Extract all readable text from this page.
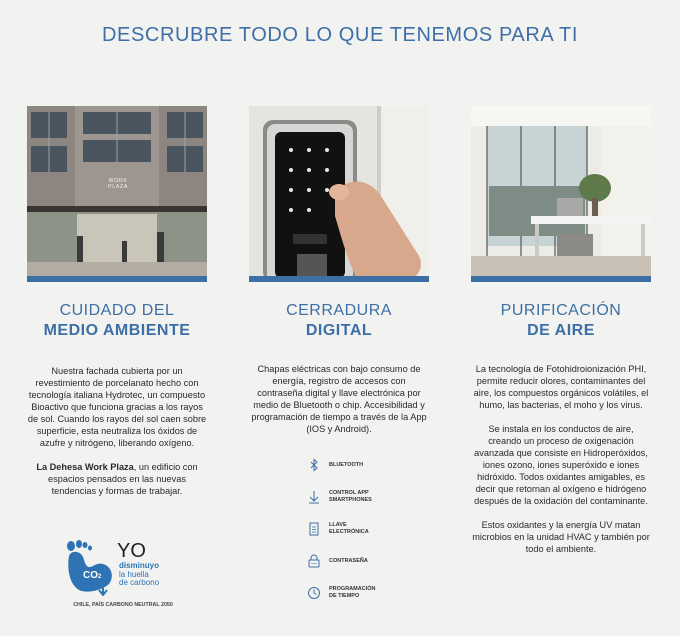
DESCRUBRE TODO LO QUE TENEMOS PARA TI
WORK
PLAZA
CUIDADO DEL
MEDIO AMBIENTE

Nuestra fachada cubierta por un revestimiento de porcelanato hecho con tecnología italiana Hydrotec, un compuesto Bioactivo que funciona gracias a los rayos de sol. Cuando los rayos del sol caen sobre superficie, esta neutraliza los óxidos de azufre y nitrógeno, liberando oxígeno.

La Dehesa Work Plaza, un edificio con espacios pensados en las nuevas tendencias y formas de trabajar.

CO2
YO
disminuyo
la huella
de carbono
CHILE, PAÍS CARBONO NEUTRAL 2050
CERRADURA
DIGITAL

Chapas eléctricas con bajo consumo de energía, registro de accesos con contraseña digital y llave electrónica por medio de Bluetooth o chip. Accesibilidad y programación de tiempo a través de la App (IOS y Android).

BLUETOOTH
CONTROL APP
SMARTPHONES
LLAVE
ELECTRÓNICA
CONTRASEÑA
PROGRAMACIÓN
DE TIEMPO
PURIFICACIÓN
DE AIRE

La tecnología de Fotohidroionización PHI, permite reducir olores, contaminantes del aire, los compuestos orgánicos volátiles, el humo, las bacterias, el moho y los virus.

Se instala en los conductos de aire, creando un proceso de oxigenación avanzada que consiste en Hidroperóxidos, iones ozono, iones superóxido e iones hidróxido. Todos oxidantes amigables, es decir que retornan al oxígeno e hidrógeno después de la oxidación del contaminante.

Estos oxidantes y la energía UV matan microbios en la unidad HVAC y también por todo el ambiente.
